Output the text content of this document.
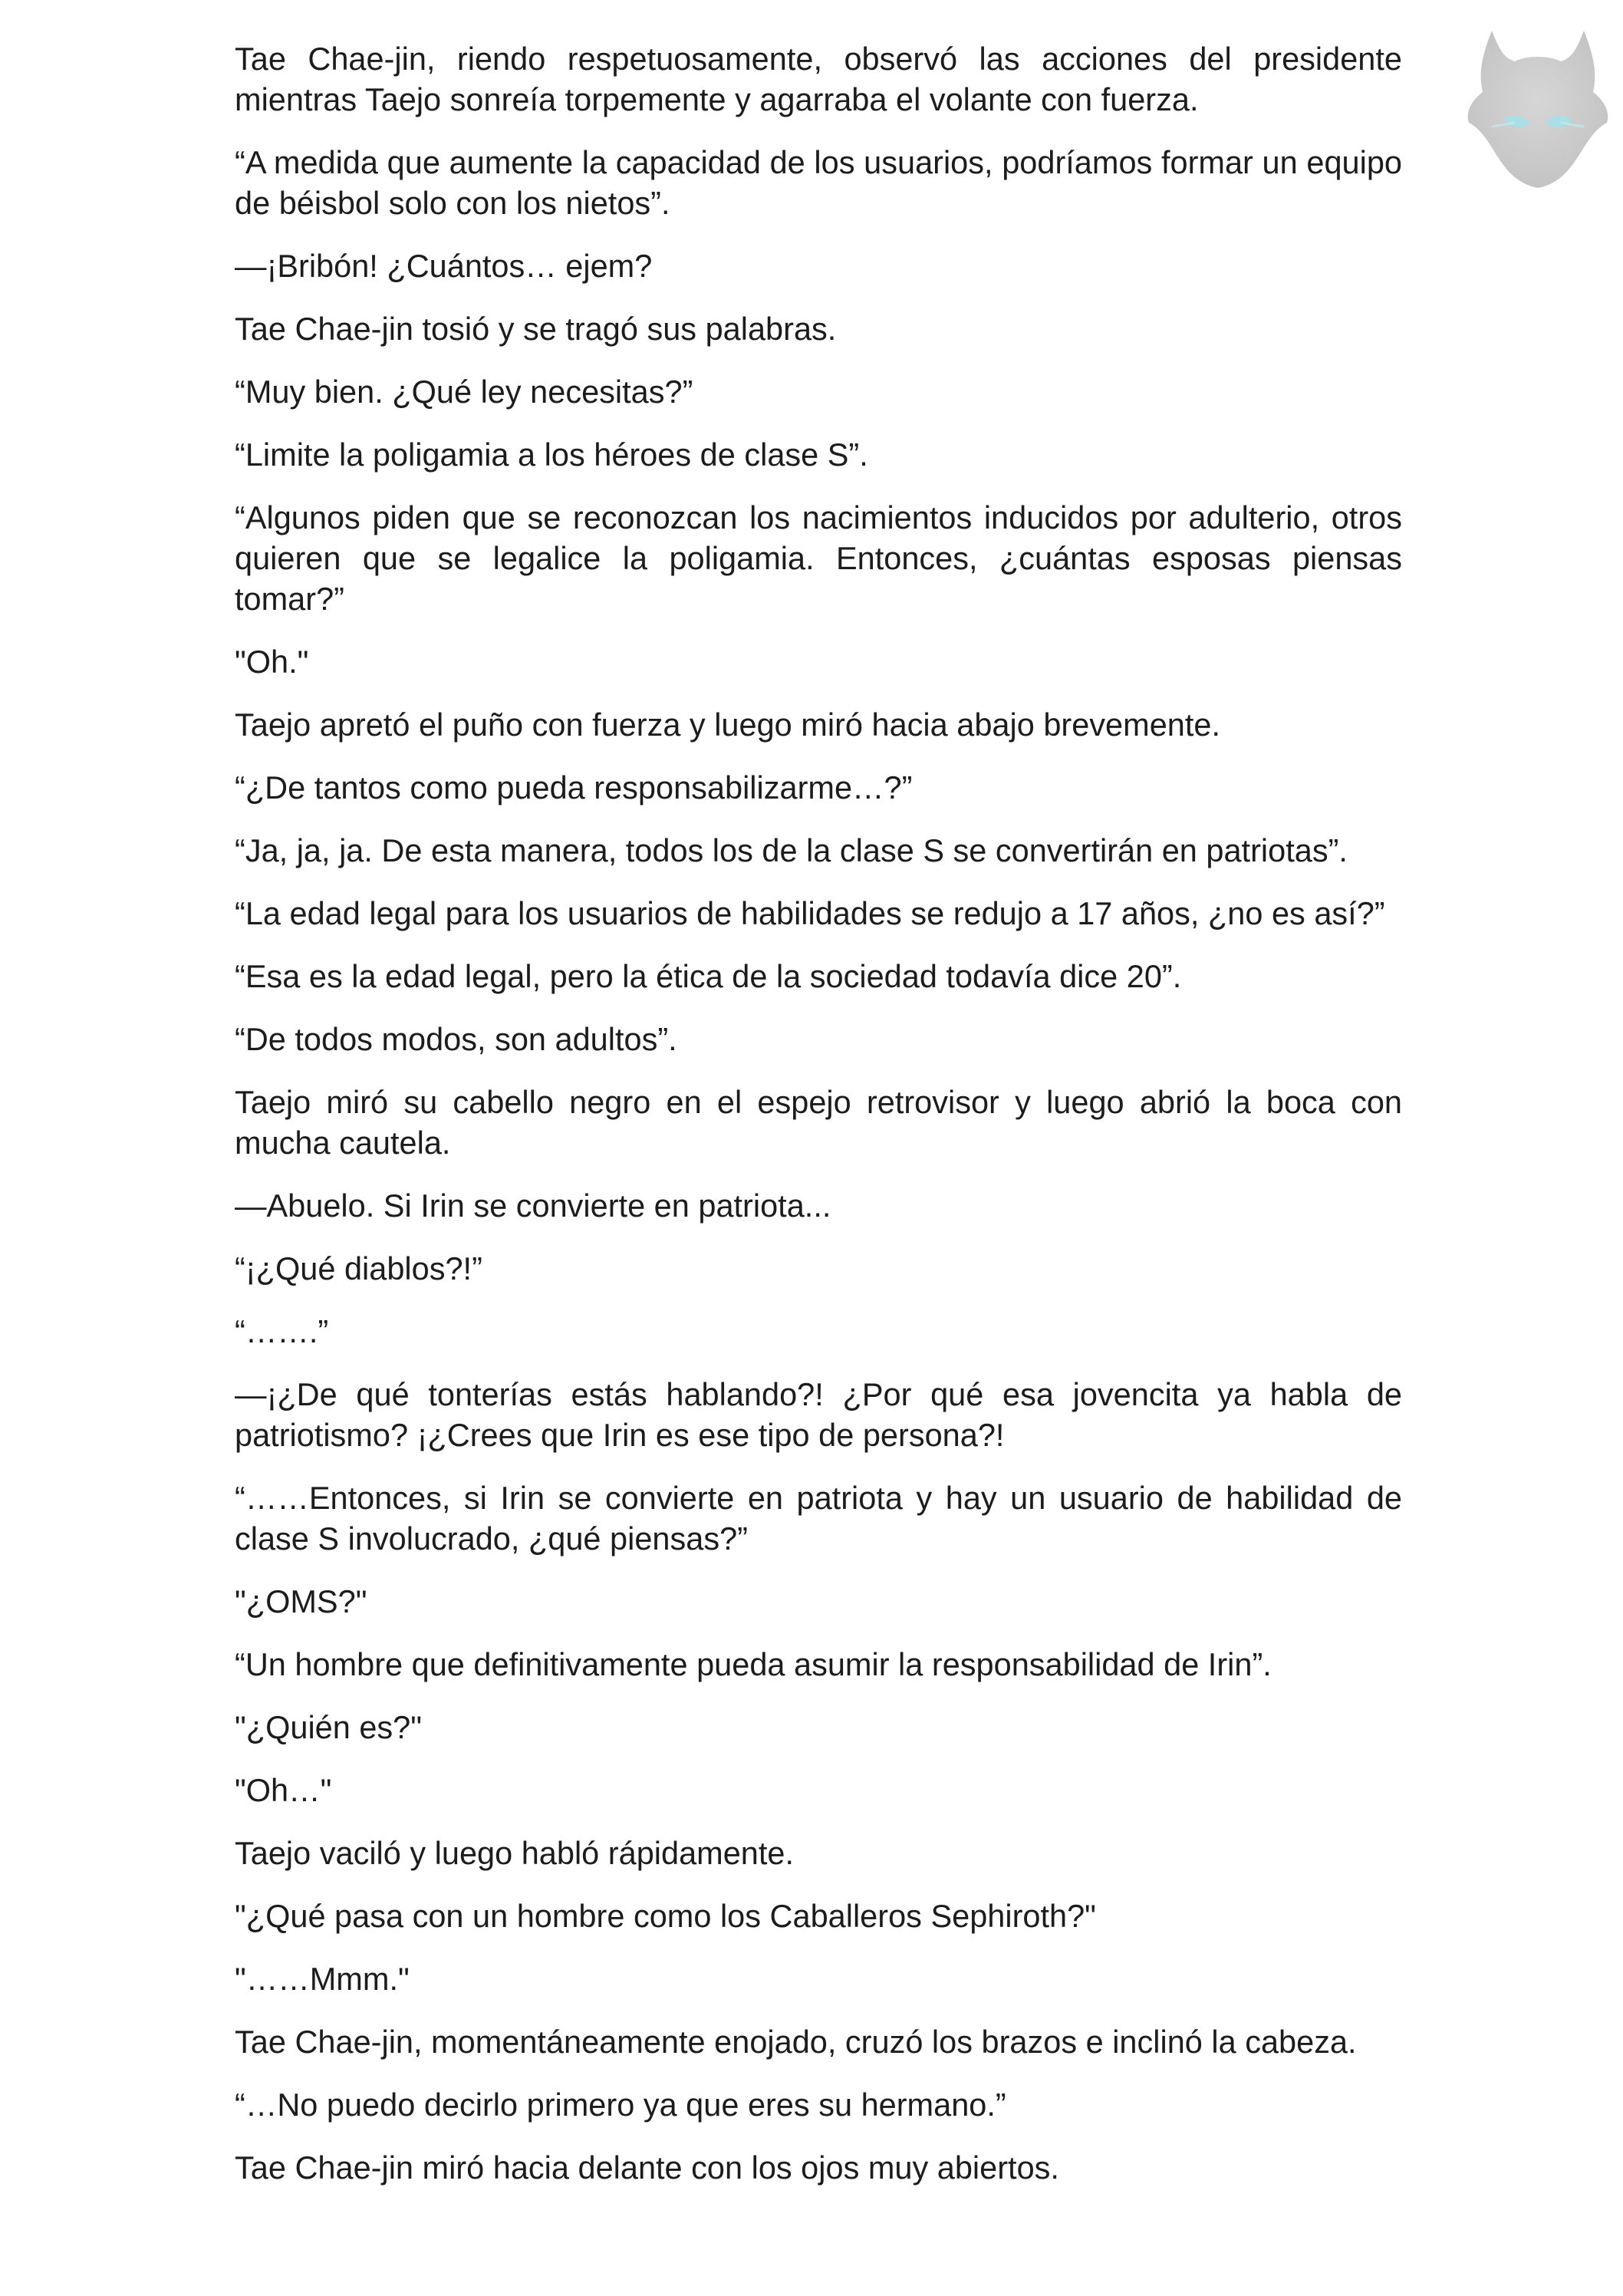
Tae Chae-jin, riendo respetuosamente, observó las acciones del presidente mientras Taejo sonreía torpemente y agarraba el volante con fuerza.

“A medida que aumente la capacidad de los usuarios, podríamos formar un equipo de béisbol solo con los nietos”.

—¡Bribón! ¿Cuántos… ejem?

Tae Chae-jin tosió y se tragó sus palabras.

“Muy bien. ¿Qué ley necesitas?”

“Limite la poligamia a los héroes de clase S”.

“Algunos piden que se reconozcan los nacimientos inducidos por adulterio, otros quieren que se legalice la poligamia. Entonces, ¿cuántas esposas piensas tomar?”

"Oh."

Taejo apretó el puño con fuerza y luego miró hacia abajo brevemente.

“¿De tantos como pueda responsabilizarme…?”

“Ja, ja, ja. De esta manera, todos los de la clase S se convertirán en patriotas”.

“La edad legal para los usuarios de habilidades se redujo a 17 años, ¿no es así?”

“Esa es la edad legal, pero la ética de la sociedad todavía dice 20”.

“De todos modos, son adultos”.

Taejo miró su cabello negro en el espejo retrovisor y luego abrió la boca con mucha cautela.

—Abuelo. Si Irin se convierte en patriota...

“¡¿Qué diablos?!”

“…….”

—¡¿De qué tonterías estás hablando?! ¿Por qué esa jovencita ya habla de patriotismo? ¡¿Crees que Irin es ese tipo de persona?!

“……Entonces, si Irin se convierte en patriota y hay un usuario de habilidad de clase S involucrado, ¿qué piensas?”

"¿OMS?"

“Un hombre que definitivamente pueda asumir la responsabilidad de Irin”.

"¿Quién es?"

"Oh…"

Taejo vaciló y luego habló rápidamente.

"¿Qué pasa con un hombre como los Caballeros Sephiroth?"

"……Mmm."

Tae Chae-jin, momentáneamente enojado, cruzó los brazos e inclinó la cabeza.

“…No puedo decirlo primero ya que eres su hermano.”

Tae Chae-jin miró hacia delante con los ojos muy abiertos.
